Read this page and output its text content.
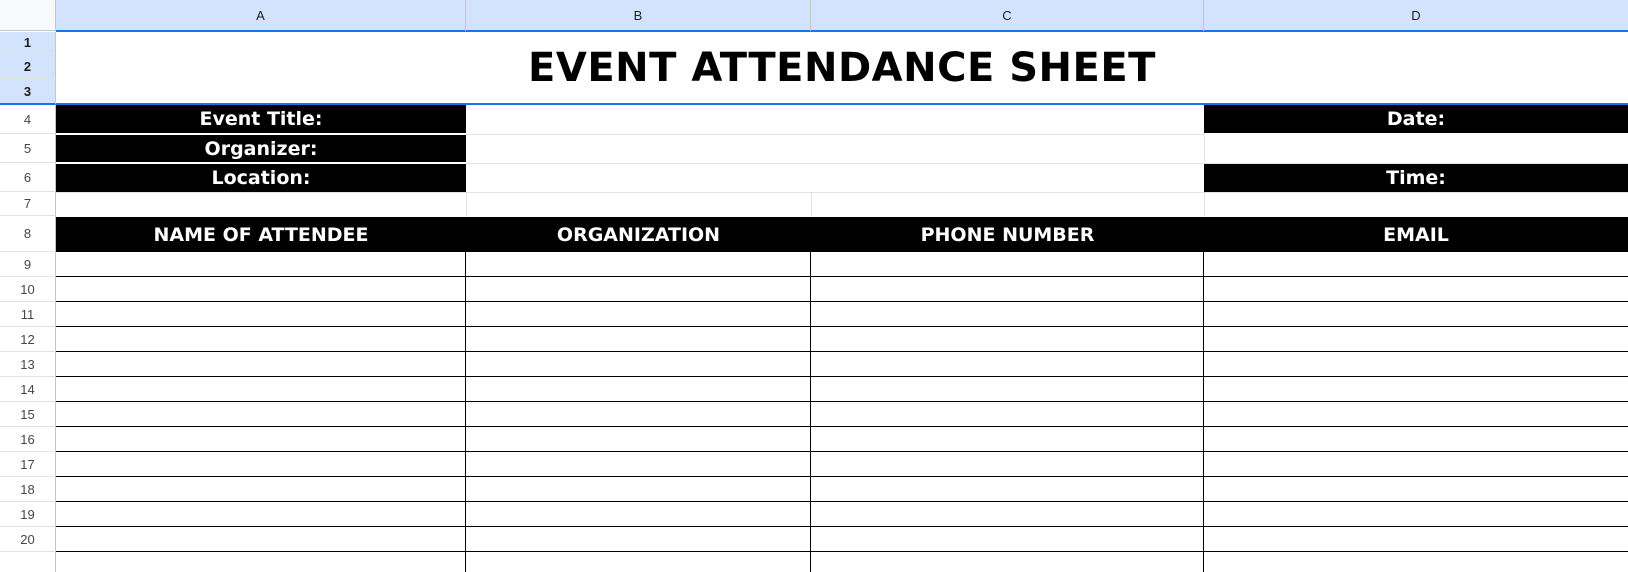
A	B	C	D
1
2
3
4
5
6
7
8
9
10
11
12
13
14
15
16
17
18
19
20
EVENT ATTENDANCE SHEET
Event Title:
Organizer:
Location:
Date:
Time:
NAME OF ATTENDEE	ORGANIZATION	PHONE NUMBER	EMAIL
